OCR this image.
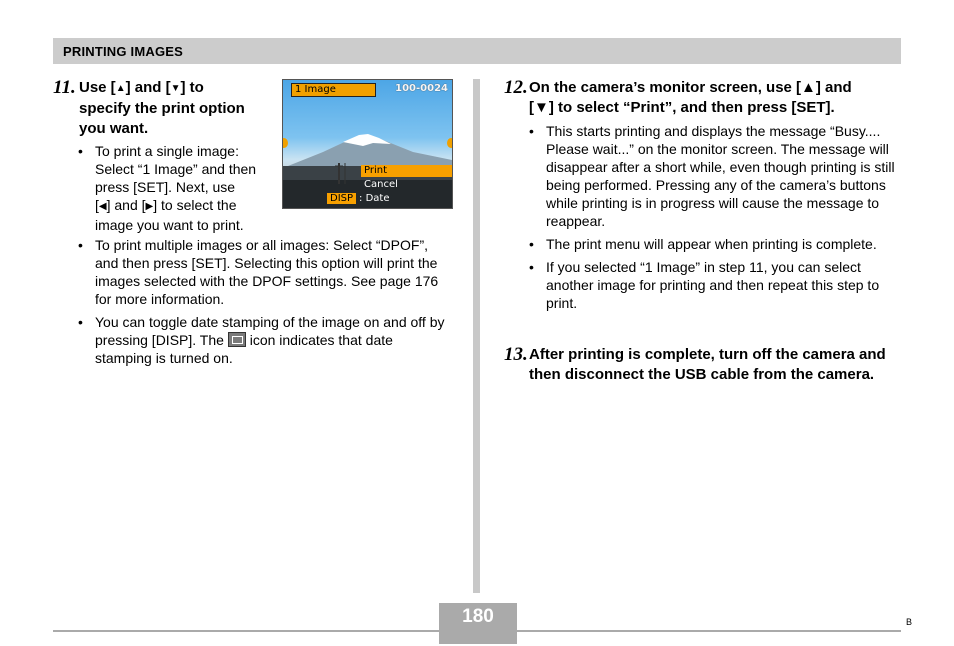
PRINTING IMAGES
11. Use [▲] and [▼] to
specify the print option
you want.
• To print a single image:
Select “1 Image” and then
press [SET]. Next, use
[◀] and [▶] to select the
image you want to print.
• To print multiple images or all images: Select “DPOF”, and then press [SET]. Selecting this option will print the images selected with the DPOF settings. See page 176 for more information.
• You can toggle date stamping of the image on and off by pressing [DISP]. The icon indicates that date stamping is turned on.
1 Image	100-0024
Print
Cancel
DISP : Date
12. On the camera’s monitor screen, use [▲] and
[▼] to select “Print”, and then press [SET].
• This starts printing and displays the message “Busy.... Please wait...” on the monitor screen. The message will disappear after a short while, even though printing is still being performed. Pressing any of the camera’s buttons while printing is in progress will cause the message to reappear.
• The print menu will appear when printing is complete.
• If you selected “1 Image” in step 11, you can select another image for printing and then repeat this step to print.
13. After printing is complete, turn off the camera and then disconnect the USB cable from the camera.
180	B
